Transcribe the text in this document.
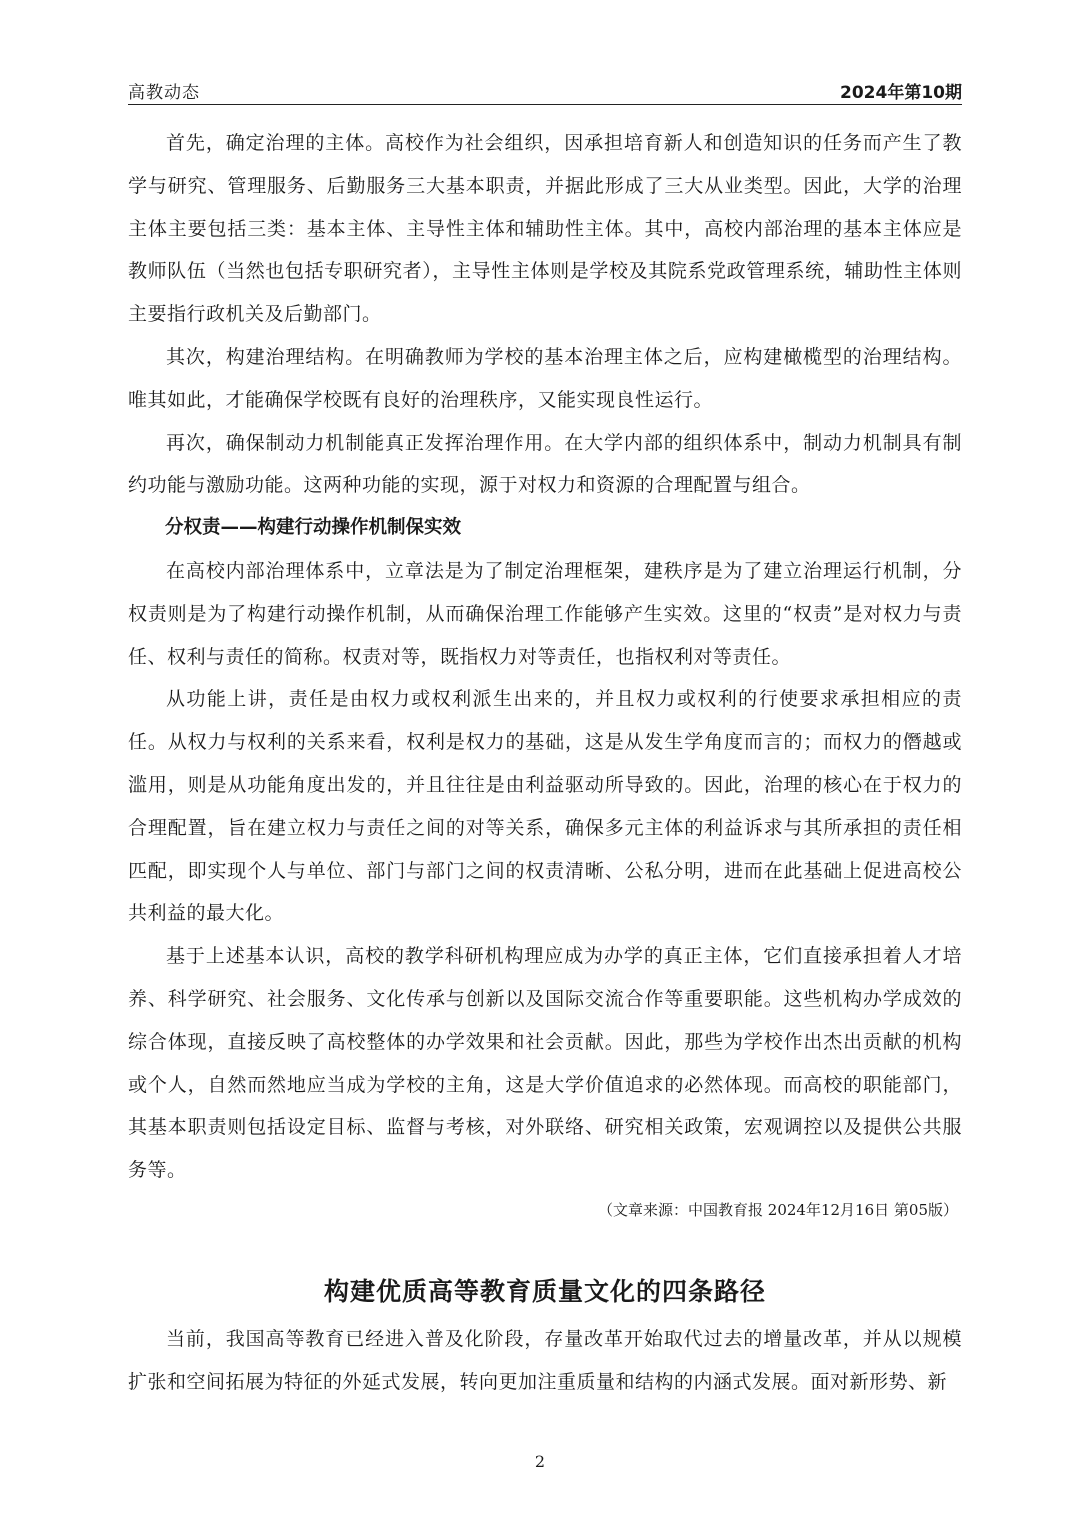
高教动态	2024年第10期

首先，确定治理的主体。高校作为社会组织，因承担培育新人和创造知识的任务而产生了教学与研究、管理服务、后勤服务三大基本职责，并据此形成了三大从业类型。因此，大学的治理主体主要包括三类：基本主体、主导性主体和辅助性主体。其中，高校内部治理的基本主体应是教师队伍（当然也包括专职研究者），主导性主体则是学校及其院系党政管理系统，辅助性主体则主要指行政机关及后勤部门。

其次，构建治理结构。在明确教师为学校的基本治理主体之后，应构建橄榄型的治理结构。唯其如此，才能确保学校既有良好的治理秩序，又能实现良性运行。

再次，确保制动力机制能真正发挥治理作用。在大学内部的组织体系中，制动力机制具有制约功能与激励功能。这两种功能的实现，源于对权力和资源的合理配置与组合。

分权责——构建行动操作机制保实效

在高校内部治理体系中，立章法是为了制定治理框架，建秩序是为了建立治理运行机制，分权责则是为了构建行动操作机制，从而确保治理工作能够产生实效。这里的“权责”是对权力与责任、权利与责任的简称。权责对等，既指权力对等责任，也指权利对等责任。

从功能上讲，责任是由权力或权利派生出来的，并且权力或权利的行使要求承担相应的责任。从权力与权利的关系来看，权利是权力的基础，这是从发生学角度而言的；而权力的僭越或滥用，则是从功能角度出发的，并且往往是由利益驱动所导致的。因此，治理的核心在于权力的合理配置，旨在建立权力与责任之间的对等关系，确保多元主体的利益诉求与其所承担的责任相匹配，即实现个人与单位、部门与部门之间的权责清晰、公私分明，进而在此基础上促进高校公共利益的最大化。

基于上述基本认识，高校的教学科研机构理应成为办学的真正主体，它们直接承担着人才培养、科学研究、社会服务、文化传承与创新以及国际交流合作等重要职能。这些机构办学成效的综合体现，直接反映了高校整体的办学效果和社会贡献。因此，那些为学校作出杰出贡献的机构或个人，自然而然地应当成为学校的主角，这是大学价值追求的必然体现。而高校的职能部门，其基本职责则包括设定目标、监督与考核，对外联络、研究相关政策，宏观调控以及提供公共服务等。

（文章来源：中国教育报 2024年12月16日 第05版）

构建优质高等教育质量文化的四条路径

当前，我国高等教育已经进入普及化阶段，存量改革开始取代过去的增量改革，并从以规模扩张和空间拓展为特征的外延式发展，转向更加注重质量和结构的内涵式发展。面对新形势、新

2
